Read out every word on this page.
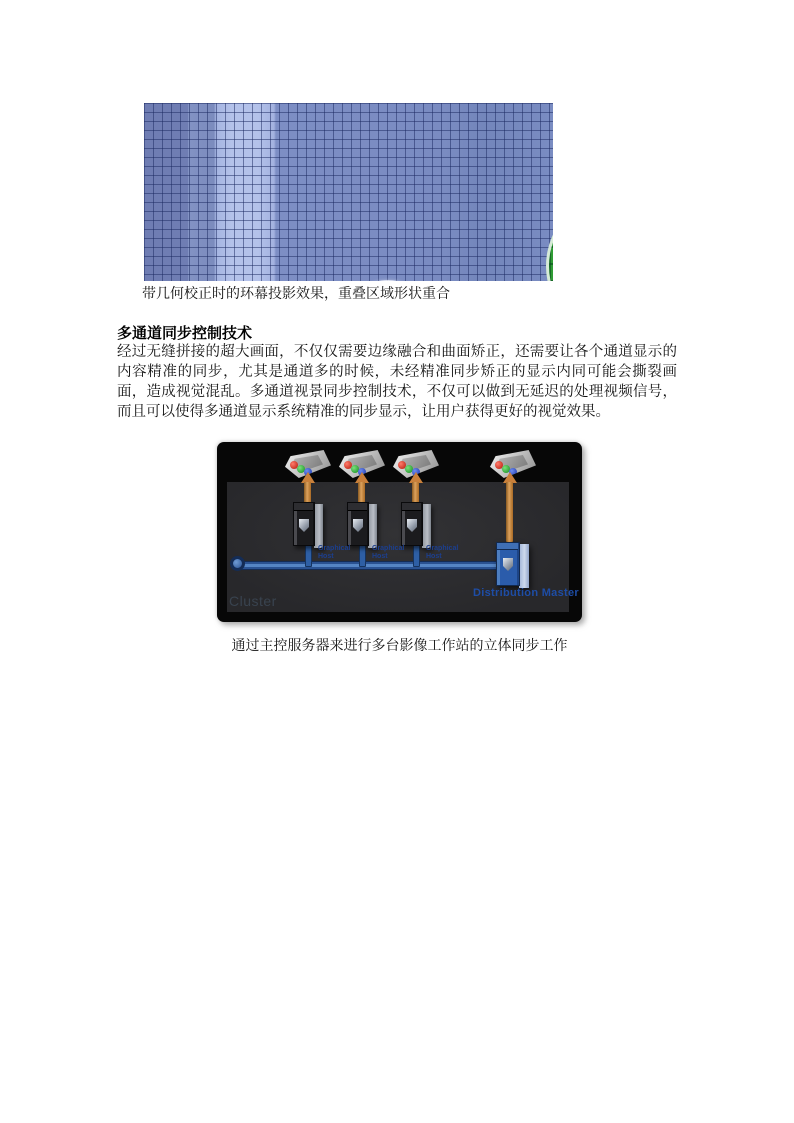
带几何校正时的环幕投影效果，重叠区域形状重合
多通道同步控制技术

经过无缝拼接的超大画面，不仅仅需要边缘融合和曲面矫正，还需要让各个通道显示的内容精准的同步，尤其是通道多的时候，未经精准同步矫正的显示内同可能会撕裂画面，造成视觉混乱。多通道视景同步控制技术，不仅可以做到无延迟的处理视频信号，而且可以使得多通道显示系统精准的同步显示，让用户获得更好的视觉效果。

Graphical Host
Graphical Host
Graphical Host
Distribution Master
Cluster
通过主控服务器来进行多台影像工作站的立体同步工作
